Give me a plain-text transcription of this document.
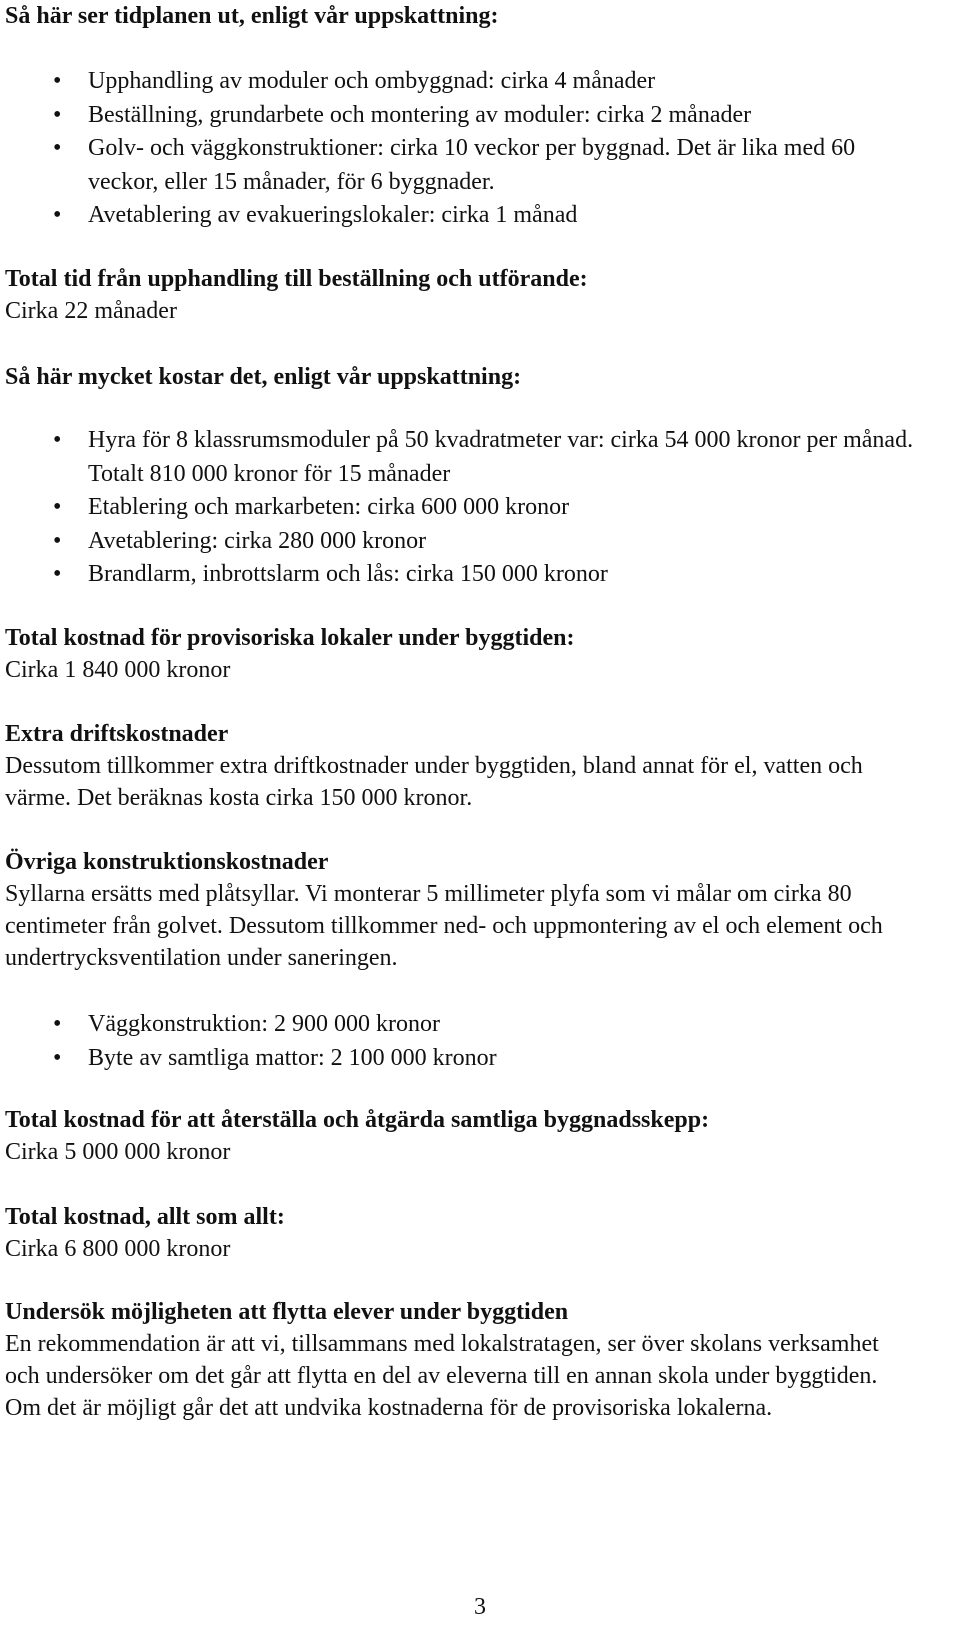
Så här ser tidplanen ut, enligt vår uppskattning:

• Upphandling av moduler och ombyggnad: cirka 4 månader
• Beställning, grundarbete och montering av moduler: cirka 2 månader
• Golv- och väggkonstruktioner: cirka 10 veckor per byggnad. Det är lika med 60 veckor, eller 15 månader, för 6 byggnader.
• Avetablering av evakueringslokaler: cirka 1 månad

Total tid från upphandling till beställning och utförande:

Cirka 22 månader

Så här mycket kostar det, enligt vår uppskattning:

• Hyra för 8 klassrumsmoduler på 50 kvadratmeter var: cirka 54 000 kronor per månad. Totalt 810 000 kronor för 15 månader
• Etablering och markarbeten: cirka 600 000 kronor
• Avetablering: cirka 280 000 kronor
• Brandlarm, inbrottslarm och lås: cirka 150 000 kronor

Total kostnad för provisoriska lokaler under byggtiden:

Cirka 1 840 000 kronor

Extra driftskostnader

Dessutom tillkommer extra driftkostnader under byggtiden, bland annat för el, vatten och värme. Det beräknas kosta cirka 150 000 kronor.

Övriga konstruktionskostnader

Syllarna ersätts med plåtsyllar. Vi monterar 5 millimeter plyfa som vi målar om cirka 80 centimeter från golvet. Dessutom tillkommer ned- och uppmontering av el och element och undertrycksventilation under saneringen.

• Väggkonstruktion: 2 900 000 kronor
• Byte av samtliga mattor: 2 100 000 kronor

Total kostnad för att återställa och åtgärda samtliga byggnadsskepp:

Cirka 5 000 000 kronor

Total kostnad, allt som allt:

Cirka 6 800 000 kronor

Undersök möjligheten att flytta elever under byggtiden

En rekommendation är att vi, tillsammans med lokalstratagen, ser över skolans verksamhet och undersöker om det går att flytta en del av eleverna till en annan skola under byggtiden. Om det är möjligt går det att undvika kostnaderna för de provisoriska lokalerna.

3
